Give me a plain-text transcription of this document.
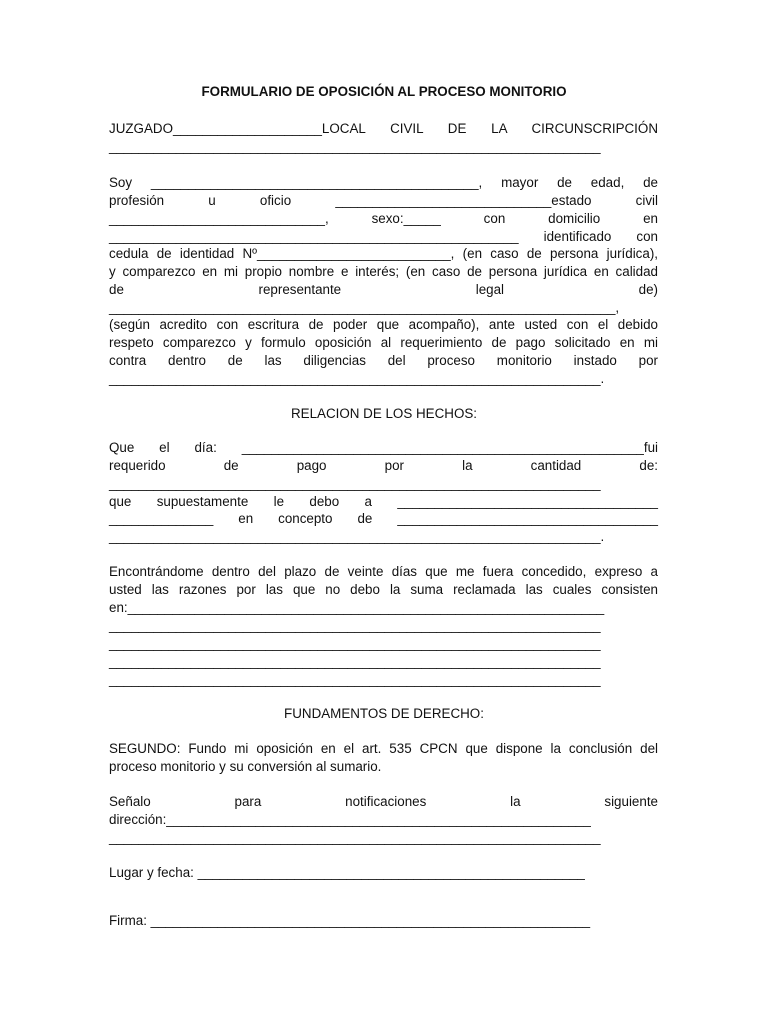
FORMULARIO DE OPOSICIÓN AL PROCESO MONITORIO
JUZGADO____________________LOCAL CIVIL DE LA CIRCUNSCRIPCIÓN
__________________________________________________________________
Soy ____________________________________________, mayor de edad, de
profesión u oficio _____________________________estado civil
_____________________________, sexo:_____ con domicilio en
_______________________________________________________ identificado con
cedula de identidad Nº__________________________, (en caso de persona jurídica),
y comparezco en mi propio nombre e interés; (en caso de persona jurídica en calidad
de representante legal de)
____________________________________________________________________,
(según acredito con escritura de poder que acompaño), ante usted con el debido
respeto comparezco y formulo oposición al requerimiento de pago solicitado en mi
contra dentro de las diligencias del proceso monitorio instado por
__________________________________________________________________.
RELACION DE LOS HECHOS:
Que el día: ______________________________________________________fui
requerido de pago por la cantidad de:
__________________________________________________________________
que supuestamente le debo a ___________________________________
______________ en concepto de ___________________________________
__________________________________________________________________.
Encontrándome dentro del plazo de veinte días que me fuera concedido, expreso a
usted las razones por las que no debo la suma reclamada las cuales consisten
en:________________________________________________________________
__________________________________________________________________
__________________________________________________________________
__________________________________________________________________
__________________________________________________________________
FUNDAMENTOS DE DERECHO:
SEGUNDO: Fundo mi oposición en el art. 535 CPCN que dispone la conclusión del
proceso monitorio y su conversión al sumario.
Señalo para notificaciones la siguiente
dirección:_________________________________________________________
__________________________________________________________________
Lugar y fecha: ____________________________________________________
Firma: ___________________________________________________________
